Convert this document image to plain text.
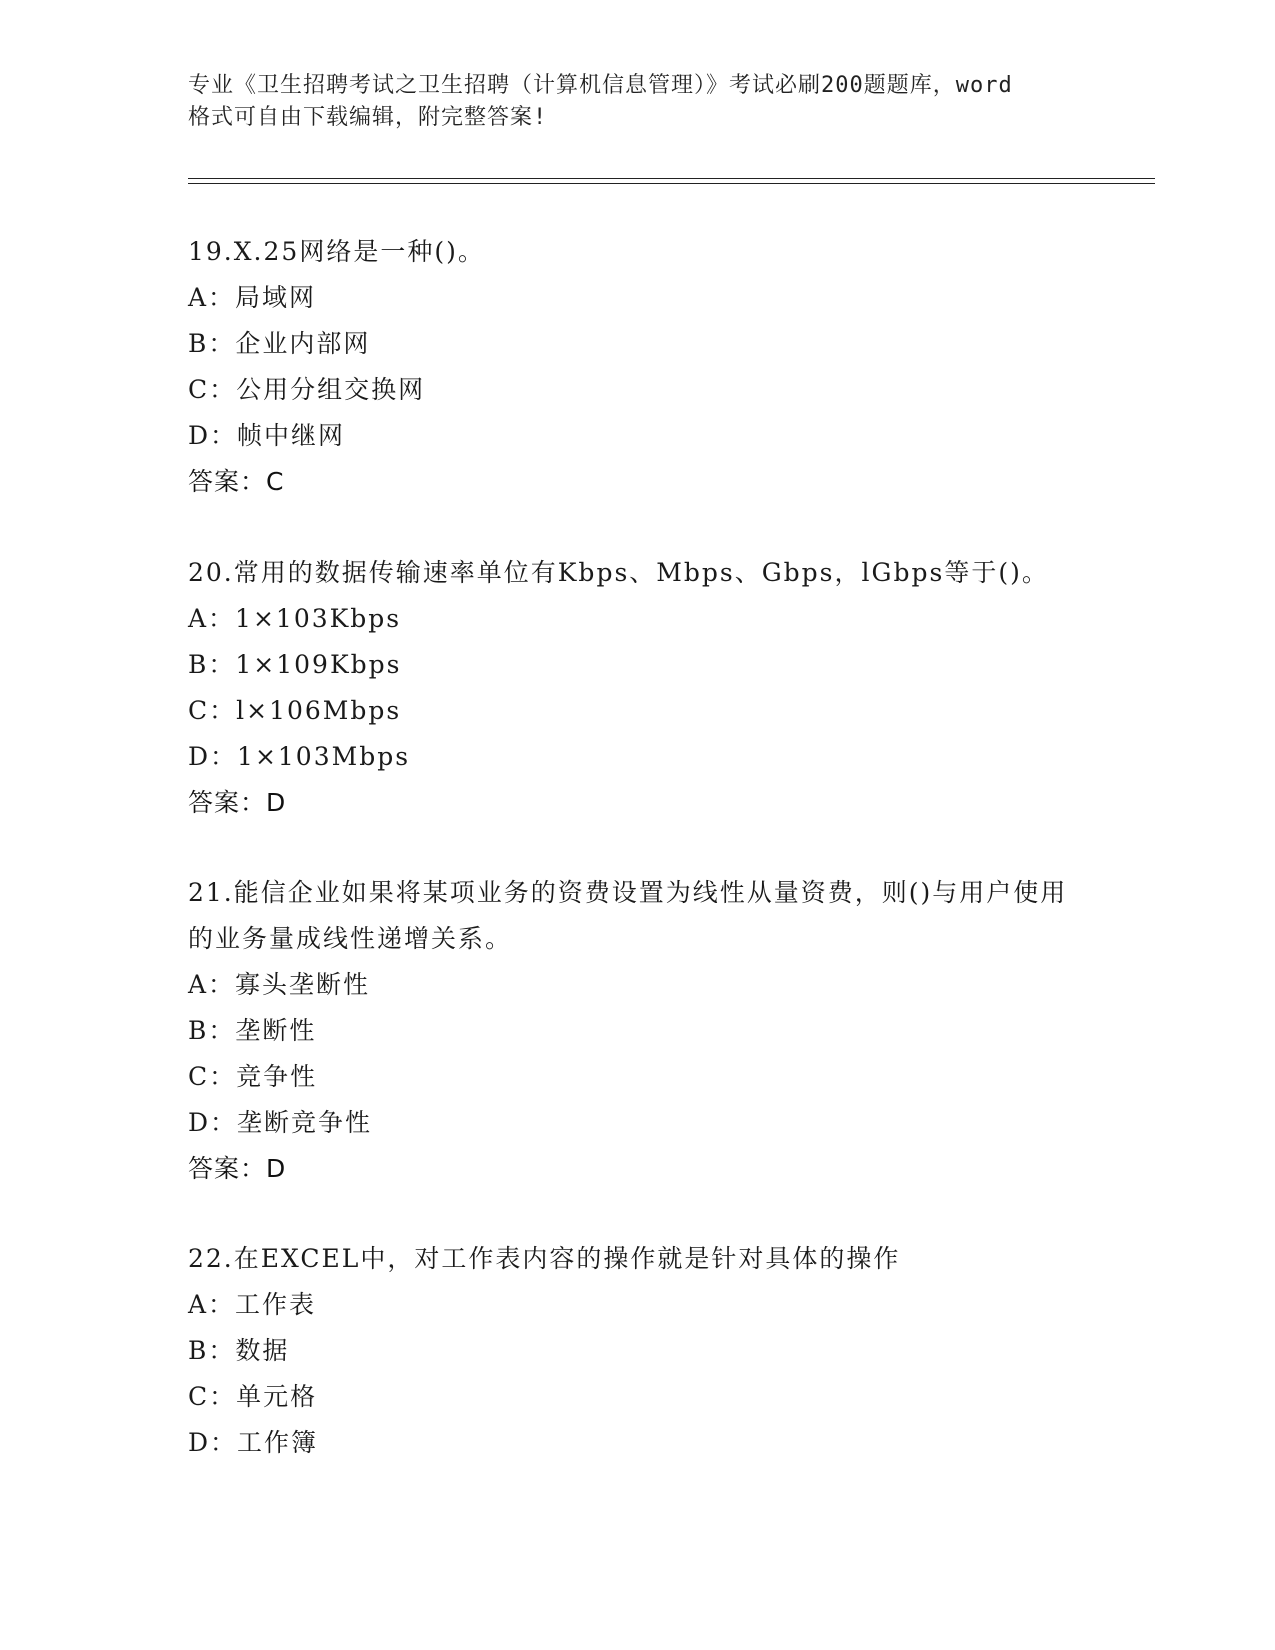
专业《卫生招聘考试之卫生招聘（计算机信息管理）》考试必刷200题题库，word

格式可自由下载编辑，附完整答案!

19.X.25网络是一种()。
A：局域网
B：企业内部网
C：公用分组交换网
D：帧中继网
答案：C
20.常用的数据传输速率单位有Kbps、Mbps、Gbps，lGbps等于()。
A：1×103Kbps
B：1×109Kbps
C：l×106Mbps
D：1×103Mbps
答案：D
21.能信企业如果将某项业务的资费设置为线性从量资费，则()与用户使用的业务量成线性递增关系。
A：寡头垄断性
B：垄断性
C：竞争性
D：垄断竞争性
答案：D
22.在EXCEL中，对工作表内容的操作就是针对具体的操作
A：工作表
B：数据
C：单元格
D：工作簿
